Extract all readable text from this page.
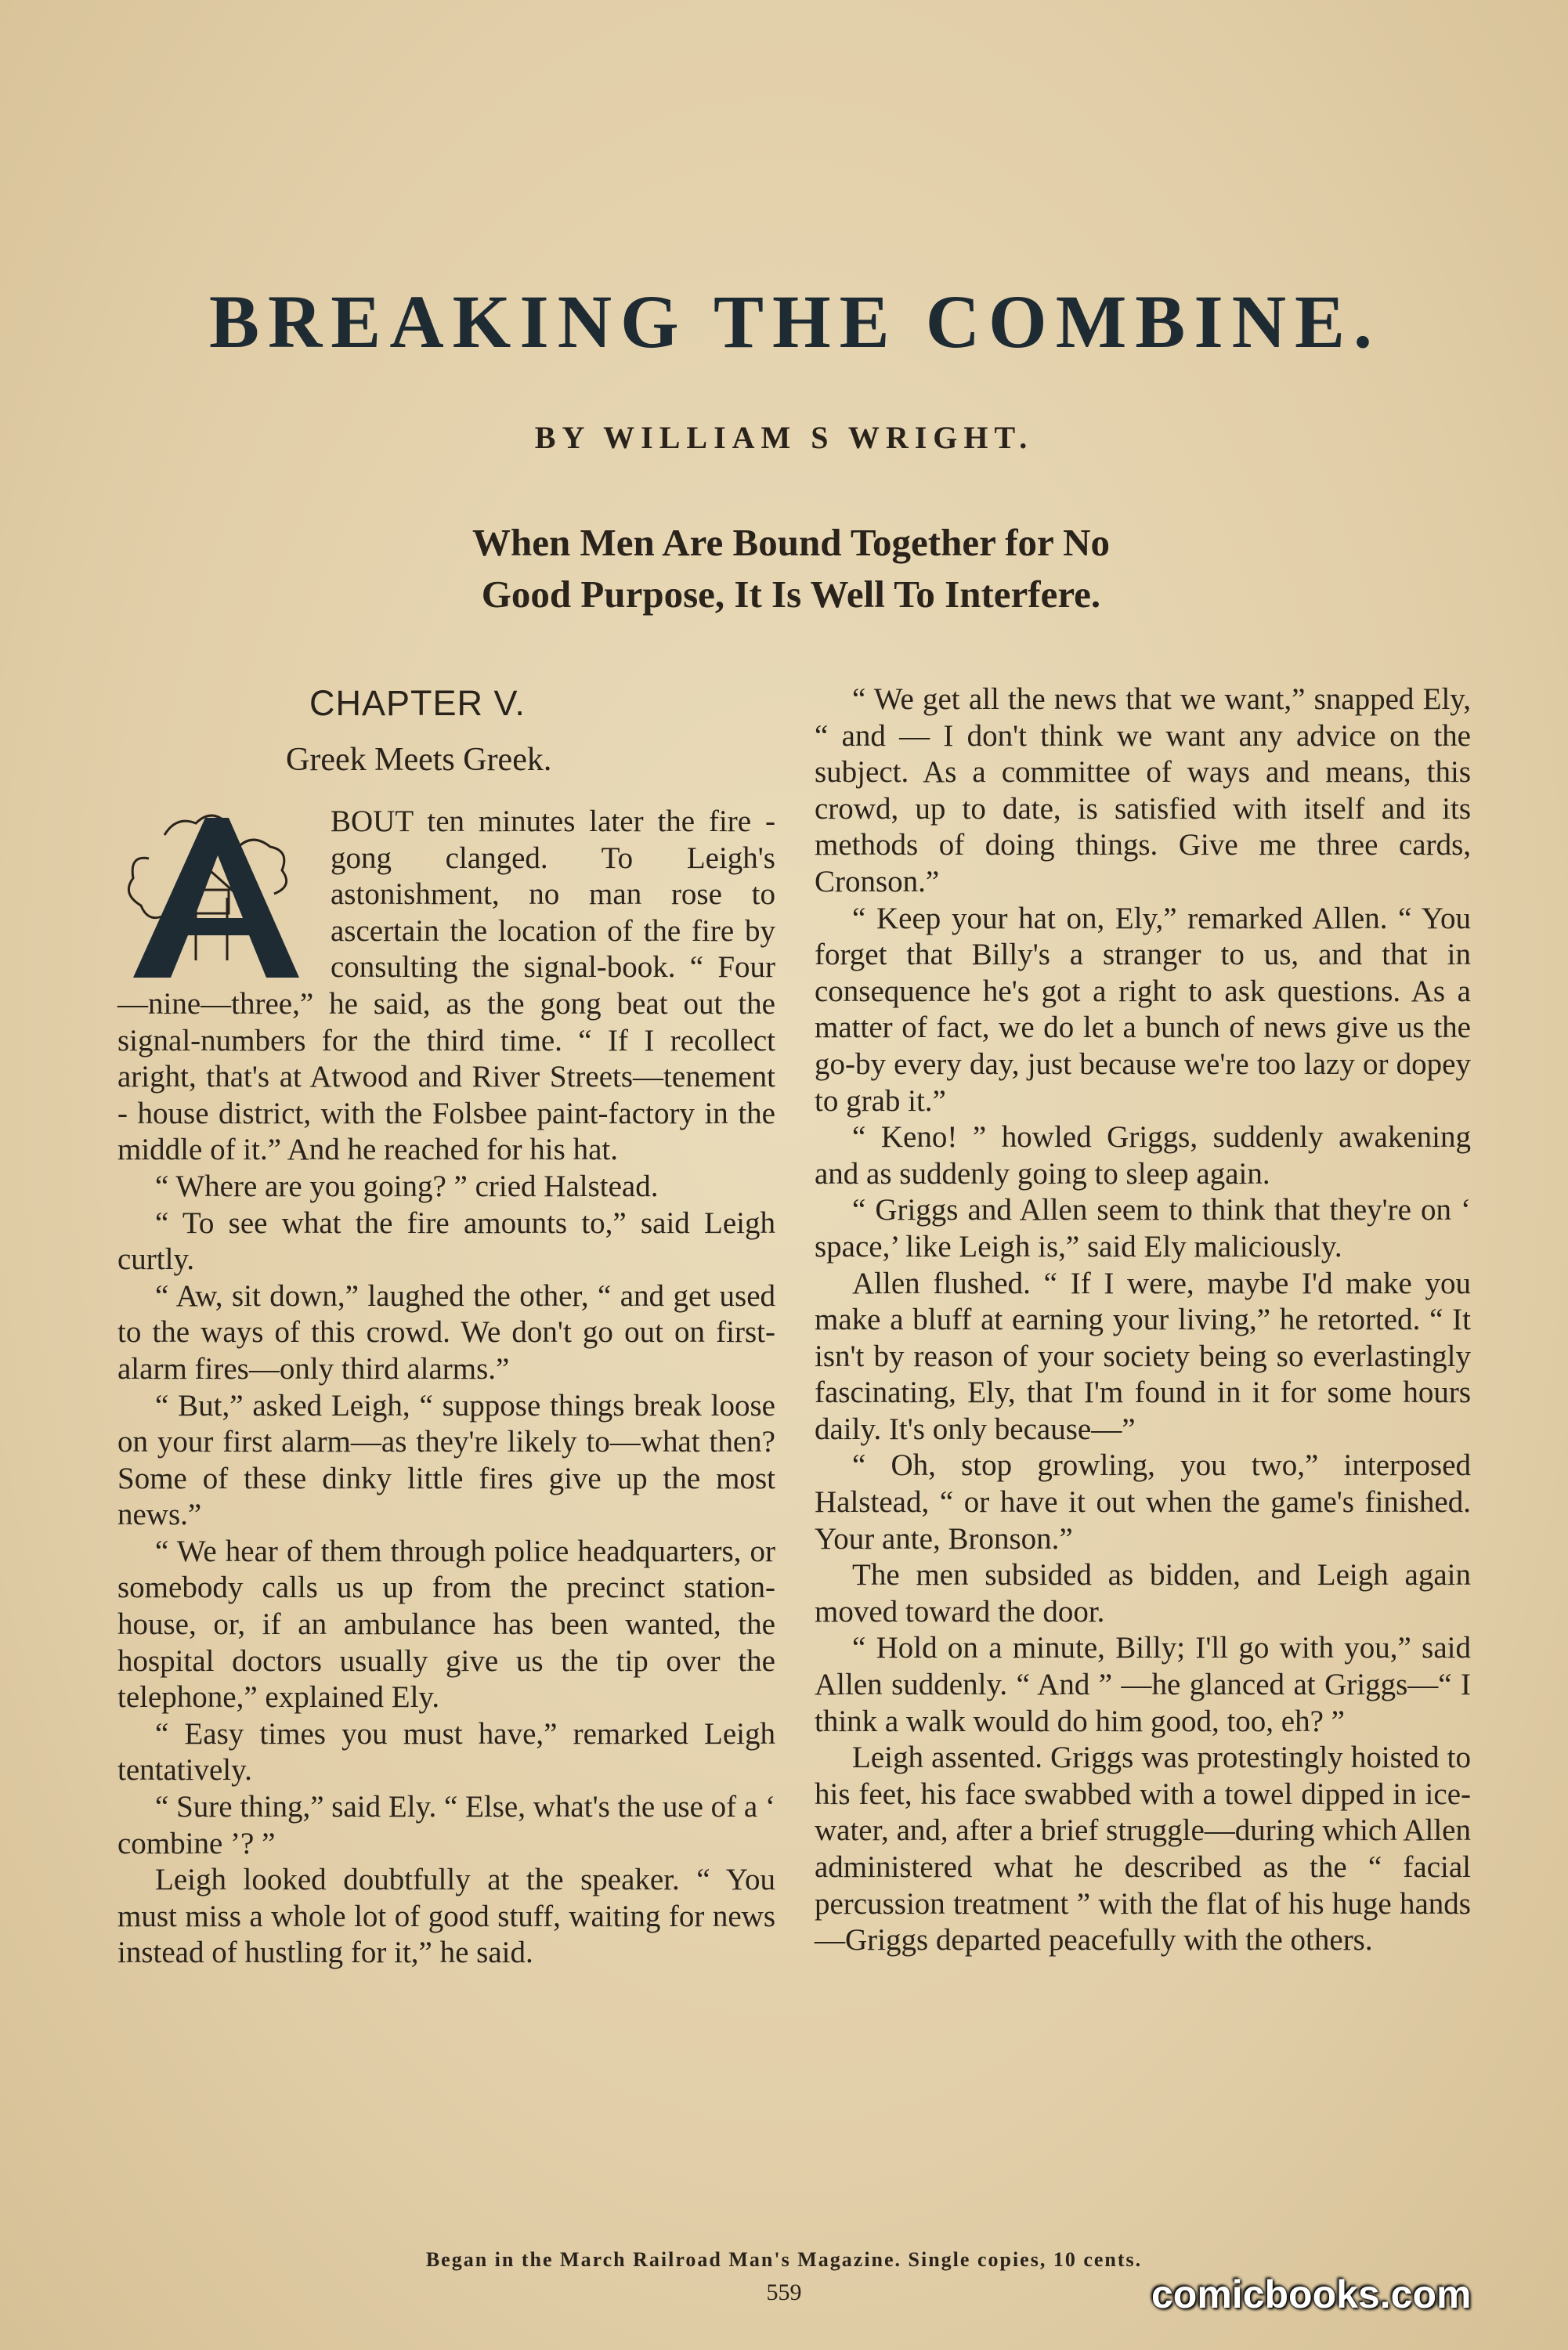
BREAKING THE COMBINE.

BY WILLIAM S WRIGHT.

When Men Are Bound Together for No
Good Purpose, It Is Well To Interfere.
CHAPTER V.
Greek Meets Greek.
A

BOUT ten minutes later the fire - gong clanged. To Leigh's astonishment, no man rose to ascertain the location of the fire by consulting the signal-book. “ Four—nine—three,” he said, as the gong beat out the signal-numbers for the third time. “ If I recollect aright, that's at Atwood and River Streets—tenement - house district, with the Folsbee paint-factory in the middle of it.” And he reached for his hat.

“ Where are you going? ” cried Halstead.

“ To see what the fire amounts to,” said Leigh curtly.

“ Aw, sit down,” laughed the other, “ and get used to the ways of this crowd. We don't go out on first-alarm fires—only third alarms.”

“ But,” asked Leigh, “ suppose things break loose on your first alarm—as they're likely to—what then? Some of these dinky little fires give up the most news.”

“ We hear of them through police headquarters, or somebody calls us up from the precinct station-house, or, if an ambulance has been wanted, the hospital doctors usually give us the tip over the telephone,” explained Ely.

“ Easy times you must have,” remarked Leigh tentatively.

“ Sure thing,” said Ely. “ Else, what's the use of a ‘ combine ’? ”

Leigh looked doubtfully at the speaker. “ You must miss a whole lot of good stuff, waiting for news instead of hustling for it,” he said.

“ We get all the news that we want,” snapped Ely, “ and — I don't think we want any advice on the subject. As a committee of ways and means, this crowd, up to date, is satisfied with itself and its methods of doing things. Give me three cards, Cronson.”

“ Keep your hat on, Ely,” remarked Allen. “ You forget that Billy's a stranger to us, and that in consequence he's got a right to ask questions. As a matter of fact, we do let a bunch of news give us the go-by every day, just because we're too lazy or dopey to grab it.”

“ Keno! ” howled Griggs, suddenly awakening and as suddenly going to sleep again.

“ Griggs and Allen seem to think that they're on ‘ space,’ like Leigh is,” said Ely maliciously.

Allen flushed. “ If I were, maybe I'd make you make a bluff at earning your living,” he retorted. “ It isn't by reason of your society being so everlastingly fascinating, Ely, that I'm found in it for some hours daily. It's only because—”

“ Oh, stop growling, you two,” interposed Halstead, “ or have it out when the game's finished. Your ante, Bronson.”

The men subsided as bidden, and Leigh again moved toward the door.

“ Hold on a minute, Billy; I'll go with you,” said Allen suddenly. “ And ” —he glanced at Griggs—“ I think a walk would do him good, too, eh? ”

Leigh assented. Griggs was protestingly hoisted to his feet, his face swabbed with a towel dipped in ice-water, and, after a brief struggle—during which Allen administered what he described as the “ facial percussion treatment ” with the flat of his huge hands—Griggs departed peacefully with the others.

Began in the March Railroad Man's Magazine. Single copies, 10 cents.

559	comicbooks.com
